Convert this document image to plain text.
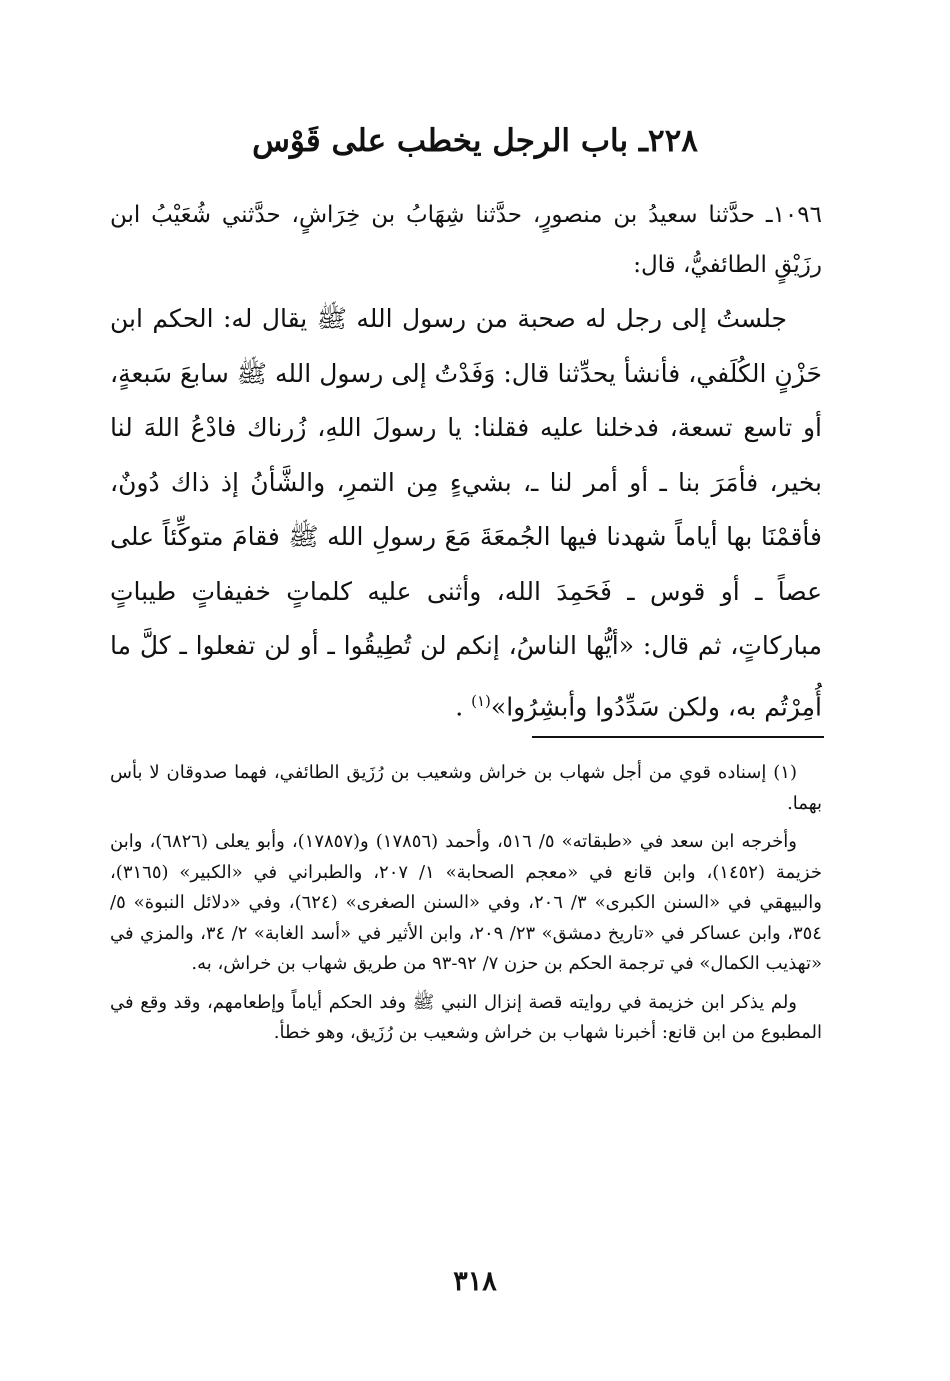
٢٢٨ـ باب الرجل يخطب على قَوْس

١٠٩٦ـ حدَّثنا سعيدُ بن منصورٍ، حدَّثنا شِهَابُ بن خِرَاشٍ، حدَّثني شُعَيْبُ ابن رزَيْقٍ الطائفيُّ، قال:

جلستُ إلى رجل له صحبة من رسول الله ﷺ يقال له: الحكم ابن حَزْنٍ الكُلَفي، فأنشأ يحدِّثنا قال: وَفَدْتُ إلى رسول الله ﷺ سابعَ سَبعةٍ، أو تاسع تسعة، فدخلنا عليه فقلنا: يا رسولَ اللهِ، زُرناك فادْعُ اللهَ لنا بخير، فأمَرَ بنا ـ أو أمر لنا ـ، بشيءٍ مِن التمرِ، والشَّأنُ إذ ذاك دُونٌ، فأقمْنَا بها أياماً شهدنا فيها الجُمعَةَ مَعَ رسولِ الله ﷺ فقامَ متوكِّئاً على عصاً ـ أو قوس ـ فَحَمِدَ الله، وأثنى عليه كلماتٍ خفيفاتٍ طيباتٍ مباركاتٍ، ثم قال: «أيُّها الناسُ، إنكم لن تُطِيقُوا ـ أو لن تفعلوا ـ كلَّ ما أُمِرْتُم به، ولكن سَدِّدُوا وأبشِرُوا»$^{(١)}$ .

(١) إسناده قوي من أجل شهاب بن خراش وشعيب بن رُزَيق الطائفي، فهما صدوقان لا بأس بهما.

وأخرجه ابن سعد في «طبقاته» ٥/ ٥١٦، وأحمد (١٧٨٥٦) و(١٧٨٥٧)، وأبو يعلى (٦٨٢٦)، وابن خزيمة (١٤٥٢)، وابن قانع في «معجم الصحابة» ١/ ٢٠٧، والطبراني في «الكبير» (٣١٦٥)، والبيهقي في «السنن الكبرى» ٣/ ٢٠٦، وفي «السنن الصغرى» (٦٢٤)، وفي «دلائل النبوة» ٥/ ٣٥٤، وابن عساكر في «تاريخ دمشق» ٢٣/ ٢٠٩، وابن الأثير في «أسد الغابة» ٢/ ٣٤، والمزي في «تهذيب الكمال» في ترجمة الحكم بن حزن ٧/ ٩٢-٩٣ من طريق شهاب بن خراش، به.

ولم يذكر ابن خزيمة في روايته قصة إنزال النبي ﷺ وفد الحكم أياماً وإطعامهم، وقد وقع في المطبوع من ابن قانع: أخبرنا شهاب بن خراش وشعيب بن رُزَيق، وهو خطأ.

٣١٨
